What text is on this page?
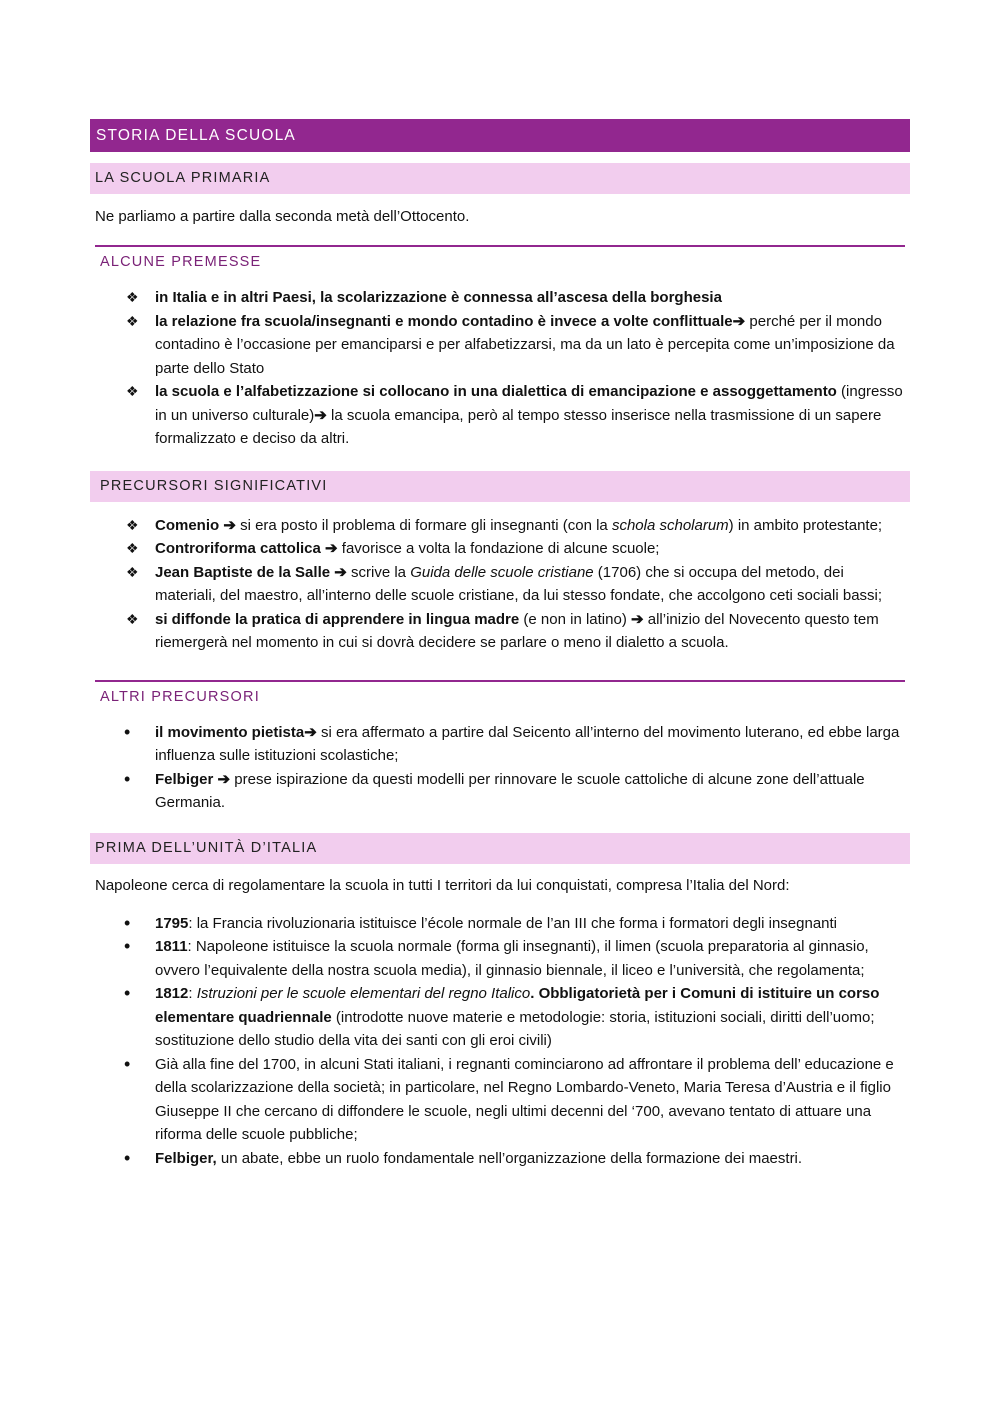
STORIA DELLA SCUOLA
LA SCUOLA PRIMARIA

Ne parliamo a partire dalla seconda metà dell’Ottocento.

ALCUNE PREMESSE
❖ in Italia e in altri Paesi, la scolarizzazione è connessa all’ascesa della borghesia
❖ la relazione fra scuola/insegnanti e mondo contadino è invece a volte conflittuale➔ perché per il mondo contadino è l’occasione per emanciparsi e per alfabetizzarsi, ma da un lato è percepita come un’imposizione da parte dello Stato
❖ la scuola e l’alfabetizzazione si collocano in una dialettica di emancipazione e assoggettamento (ingresso in un universo culturale)➔ la scuola emancipa, però al tempo stesso inserisce nella trasmissione di un sapere formalizzato e deciso da altri.
PRECURSORI SIGNIFICATIVI
❖ Comenio ➔ si era posto il problema di formare gli insegnanti (con la schola scholarum) in ambito protestante;
❖ Controriforma cattolica ➔ favorisce a volta la fondazione di alcune scuole;
❖ Jean Baptiste de la Salle ➔ scrive la Guida delle scuole cristiane (1706) che si occupa del metodo, dei materiali, del maestro, all’interno delle scuole cristiane, da lui stesso fondate, che accolgono ceti sociali bassi;
❖ si diffonde la pratica di apprendere in lingua madre (e non in latino) ➔ all’inizio del Novecento questo tem riemergerà nel momento in cui si dovrà decidere se parlare o meno il dialetto a scuola.
ALTRI PRECURSORI
• il movimento pietista➔ si era affermato a partire dal Seicento all’interno del movimento luterano, ed ebbe larga influenza sulle istituzioni scolastiche;
• Felbiger ➔ prese ispirazione da questi modelli per rinnovare le scuole cattoliche di alcune zone dell’attuale Germania.
PRIMA DELL’UNITÀ D’ITALIA

Napoleone cerca di regolamentare la scuola in tutti I territori da lui conquistati, compresa l’Italia del Nord:

• 1795: la Francia rivoluzionaria istituisce l’école normale de l’an III che forma i formatori degli insegnanti
• 1811: Napoleone istituisce la scuola normale (forma gli insegnanti), il limen (scuola preparatoria al ginnasio, ovvero l’equivalente della nostra scuola media), il ginnasio biennale, il liceo e l’università, che regolamenta;
• 1812: Istruzioni per le scuole elementari del regno Italico. Obbligatorietà per i Comuni di istituire un corso elementare quadriennale (introdotte nuove materie e metodologie: storia, istituzioni sociali, diritti dell’uomo; sostituzione dello studio della vita dei santi con gli eroi civili)
• Già alla fine del 1700, in alcuni Stati italiani, i regnanti cominciarono ad affrontare il problema dell’ educazione e della scolarizzazione della società; in particolare, nel Regno Lombardo-Veneto, Maria Teresa d’Austria e il figlio Giuseppe II che cercano di diffondere le scuole, negli ultimi decenni del ‘700, avevano tentato di attuare una riforma delle scuole pubbliche;
• Felbiger, un abate, ebbe un ruolo fondamentale nell’organizzazione della formazione dei maestri.
